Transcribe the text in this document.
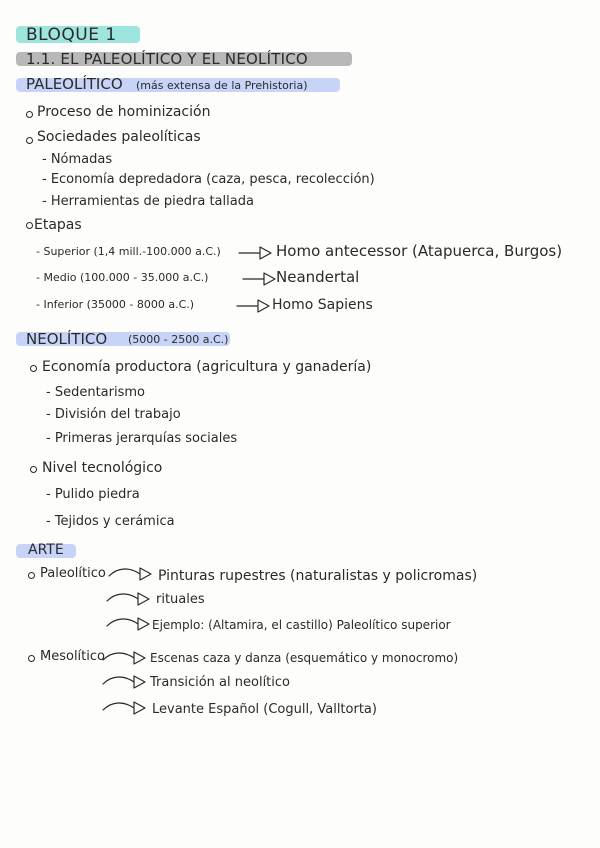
BLOQUE 1
1.1. EL PALEOLÍTICO Y EL NEOLÍTICO
PALEOLÍTICO (más extensa de la Prehistoria)
Proceso de hominización
Sociedades paleolíticas
- Nómadas
- Economía depredadora (caza, pesca, recolección)
- Herramientas de piedra tallada
Etapas
- Superior (1,4 mill.-100.000 a.C.)	Homo antecessor (Atapuerca, Burgos)
- Medio (100.000 - 35.000 a.C.)	Neandertal
- Inferior (35000 - 8000 a.C.)	Homo Sapiens
NEOLÍTICO (5000 - 2500 a.C.)
Economía productora (agricultura y ganadería)
- Sedentarismo
- División del trabajo
- Primeras jerarquías sociales
Nivel tecnológico
- Pulido piedra
- Tejidos y cerámica
ARTE
Paleolítico	Pinturas rupestres (naturalistas y policromas)
rituales
Ejemplo: (Altamira, el castillo) Paleolítico superior
Mesolítico	Escenas caza y danza (esquemático y monocromo)
Transición al neolítico
Levante Español (Cogull, Valltorta)
